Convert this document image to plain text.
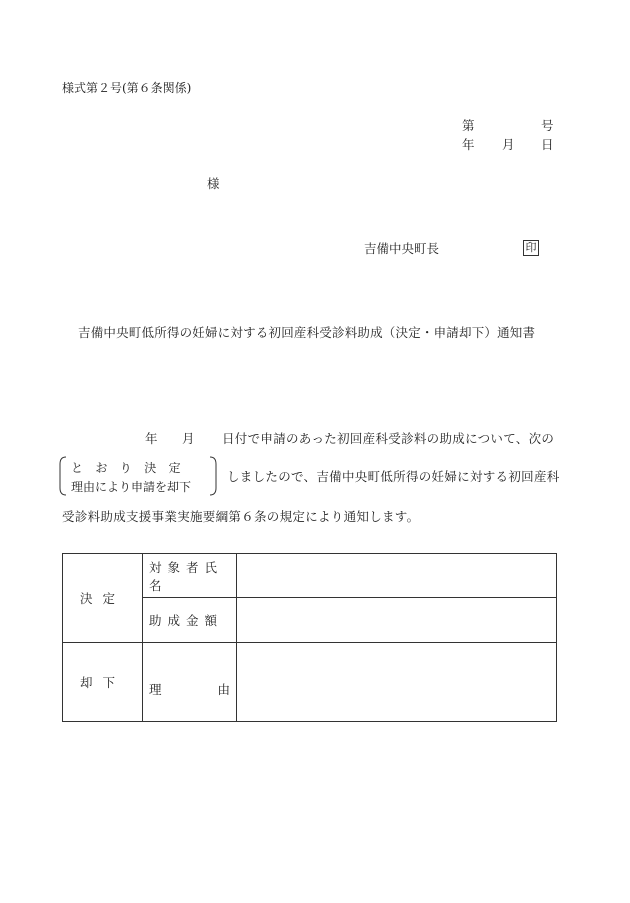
様式第２号(第６条関係)
第	号
年 月 日
様
吉備中央町長	印
吉備中央町低所得の妊婦に対する初回産科受診料助成（決定・申請却下）通知書
年 月 日付で申請のあった初回産科受診料の助成について、次の
とおり決定
理由により申請を却下
しましたので、吉備中央町低所得の妊婦に対する初回産科
受診料助成支援事業実施要綱第６条の規定により通知します。
決定	対象者氏名	
	助成金額	
却下	理 由	
